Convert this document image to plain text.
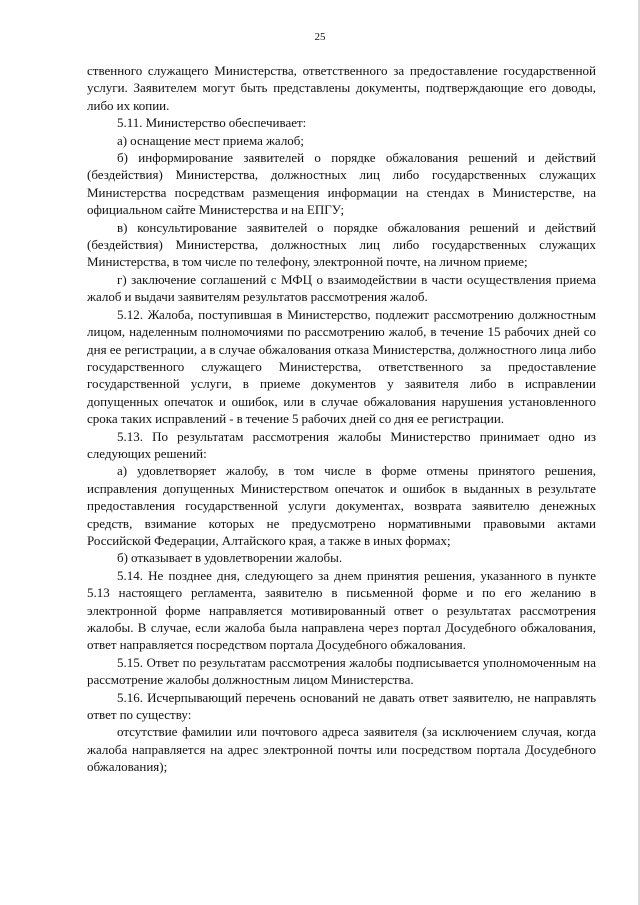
25

ственного служащего Министерства, ответственного за предоставление государственной услуги. Заявителем могут быть представлены документы, подтверждающие его доводы, либо их копии.

5.11. Министерство обеспечивает:

а) оснащение мест приема жалоб;

б) информирование заявителей о порядке обжалования решений и действий (бездействия) Министерства, должностных лиц либо государственных служащих Министерства посредствам размещения информации на стендах в Министерстве, на официальном сайте Министерства и на ЕПГУ;

в) консультирование заявителей о порядке обжалования решений и действий (бездействия) Министерства, должностных лиц либо государственных служащих Министерства, в том числе по телефону, электронной почте, на личном приеме;

г) заключение соглашений с МФЦ о взаимодействии в части осуществления приема жалоб и выдачи заявителям результатов рассмотрения жалоб.

5.12. Жалоба, поступившая в Министерство, подлежит рассмотрению должностным лицом, наделенным полномочиями по рассмотрению жалоб, в течение 15 рабочих дней со дня ее регистрации, а в случае обжалования отказа Министерства, должностного лица либо государственного служащего Министерства, ответственного за предоставление государственной услуги, в приеме документов у заявителя либо в исправлении допущенных опечаток и ошибок, или в случае обжалования нарушения установленного срока таких исправлений - в течение 5 рабочих дней со дня ее регистрации.

5.13. По результатам рассмотрения жалобы Министерство принимает одно из следующих решений:

а) удовлетворяет жалобу, в том числе в форме отмены принятого решения, исправления допущенных Министерством опечаток и ошибок в выданных в результате предоставления государственной услуги документах, возврата заявителю денежных средств, взимание которых не предусмотрено нормативными правовыми актами Российской Федерации, Алтайского края, а также в иных формах;

б) отказывает в удовлетворении жалобы.

5.14. Не позднее дня, следующего за днем принятия решения, указанного в пункте 5.13 настоящего регламента, заявителю в письменной форме и по его желанию в электронной форме направляется мотивированный ответ о результатах рассмотрения жалобы. В случае, если жалоба была направлена через портал Досудебного обжалования, ответ направляется посредством портала Досудебного обжалования.

5.15. Ответ по результатам рассмотрения жалобы подписывается уполномоченным на рассмотрение жалобы должностным лицом Министерства.

5.16. Исчерпывающий перечень оснований не давать ответ заявителю, не направлять ответ по существу:

отсутствие фамилии или почтового адреса заявителя (за исключением случая, когда жалоба направляется на адрес электронной почты или посредством портала Досудебного обжалования);
